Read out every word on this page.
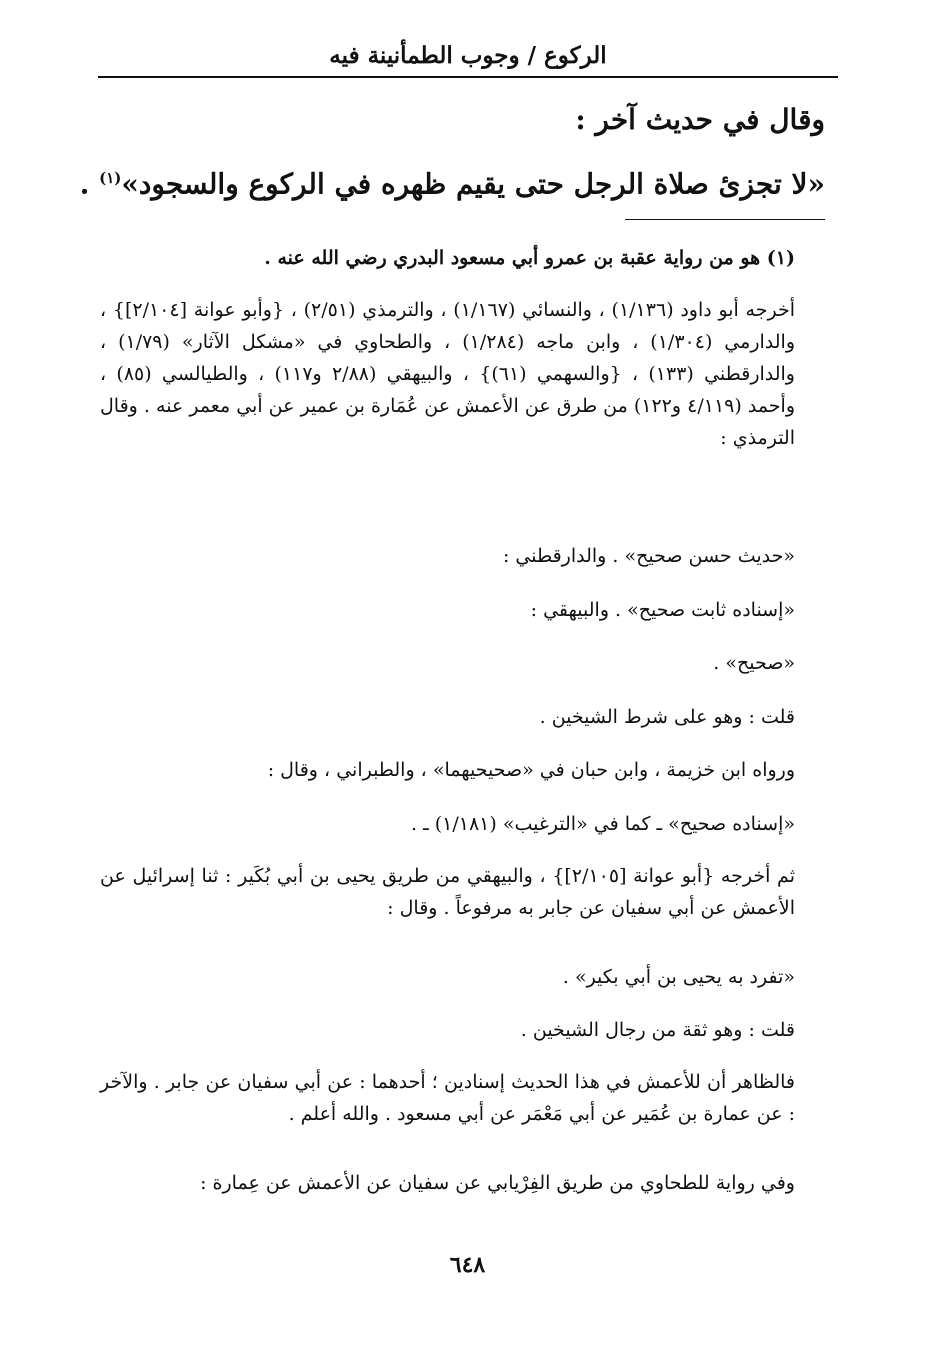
الركوع / وجوب الطمأنينة فيه
وقال في حديث آخر :
«لا تجزئ صلاة الرجل حتى يقيم ظهره في الركوع والسجود»$^{(١)}$ .
(١) هو من رواية عقبة بن عمرو أبي مسعود البدري رضي الله عنه .
أخرجه أبو داود (١/١٣٦) ، والنسائي (١/١٦٧) ، والترمذي (٢/٥١) ، {وأبو عوانة [٢/١٠٤]} ، والدارمي (١/٣٠٤) ، وابن ماجه (١/٢٨٤) ، والطحاوي في «مشكل الآثار» (١/٧٩) ، والدارقطني (١٣٣) ، {والسهمي (٦١)} ، والبيهقي (٢/٨٨ و١١٧) ، والطيالسي (٨٥) ، وأحمد (٤/١١٩ و١٢٢) من طرق عن الأعمش عن عُمَارة بن عمير عن أبي معمر عنه . وقال الترمذي :
«حديث حسن صحيح» . والدارقطني :
«إسناده ثابت صحيح» . والبيهقي :
«صحيح» .
قلت : وهو على شرط الشيخين .
ورواه ابن خزيمة ، وابن حبان في «صحيحيهما» ، والطبراني ، وقال :
«إسناده صحيح» ـ كما في «الترغيب» (١/١٨١) ـ .
ثم أخرجه {أبو عوانة [٢/١٠٥]} ، والبيهقي من طريق يحيى بن أبي بُكَير : ثنا إسرائيل عن الأعمش عن أبي سفيان عن جابر به مرفوعاً . وقال :
«تفرد به يحيى بن أبي بكير» .
قلت : وهو ثقة من رجال الشيخين .
فالظاهر أن للأعمش في هذا الحديث إسنادين ؛ أحدهما : عن أبي سفيان عن جابر . والآخر : عن عمارة بن عُمَير عن أبي مَعْمَر عن أبي مسعود . والله أعلم .
وفي رواية للطحاوي من طريق الفِرْيابي عن سفيان عن الأعمش عن عِمارة :
٦٤٨
